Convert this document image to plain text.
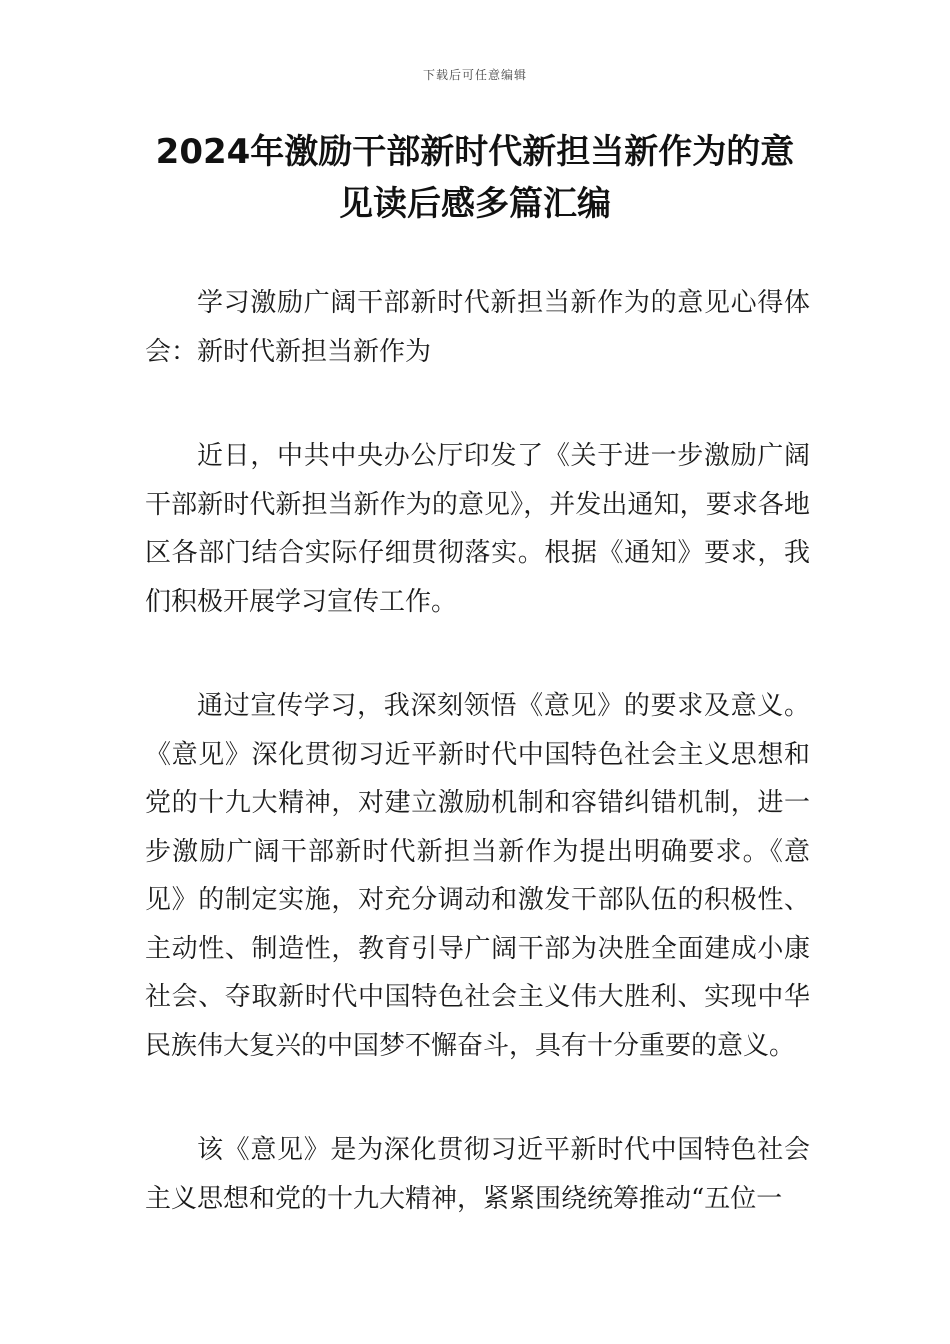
下载后可任意编辑
2024年激励干部新时代新担当新作为的意见读后感多篇汇编

学习激励广阔干部新时代新担当新作为的意见心得体会：新时代新担当新作为

近日，中共中央办公厅印发了《关于进一步激励广阔干部新时代新担当新作为的意见》，并发出通知，要求各地区各部门结合实际仔细贯彻落实。根据《通知》要求，我们积极开展学习宣传工作。

通过宣传学习，我深刻领悟《意见》的要求及意义。《意见》深化贯彻习近平新时代中国特色社会主义思想和党的十九大精神，对建立激励机制和容错纠错机制，进一步激励广阔干部新时代新担当新作为提出明确要求。《意见》的制定实施，对充分调动和激发干部队伍的积极性、主动性、制造性，教育引导广阔干部为决胜全面建成小康社会、夺取新时代中国特色社会主义伟大胜利、实现中华民族伟大复兴的中国梦不懈奋斗，具有十分重要的意义。

该《意见》是为深化贯彻习近平新时代中国特色社会主义思想和党的十九大精神，紧紧围绕统筹推动“五位一
